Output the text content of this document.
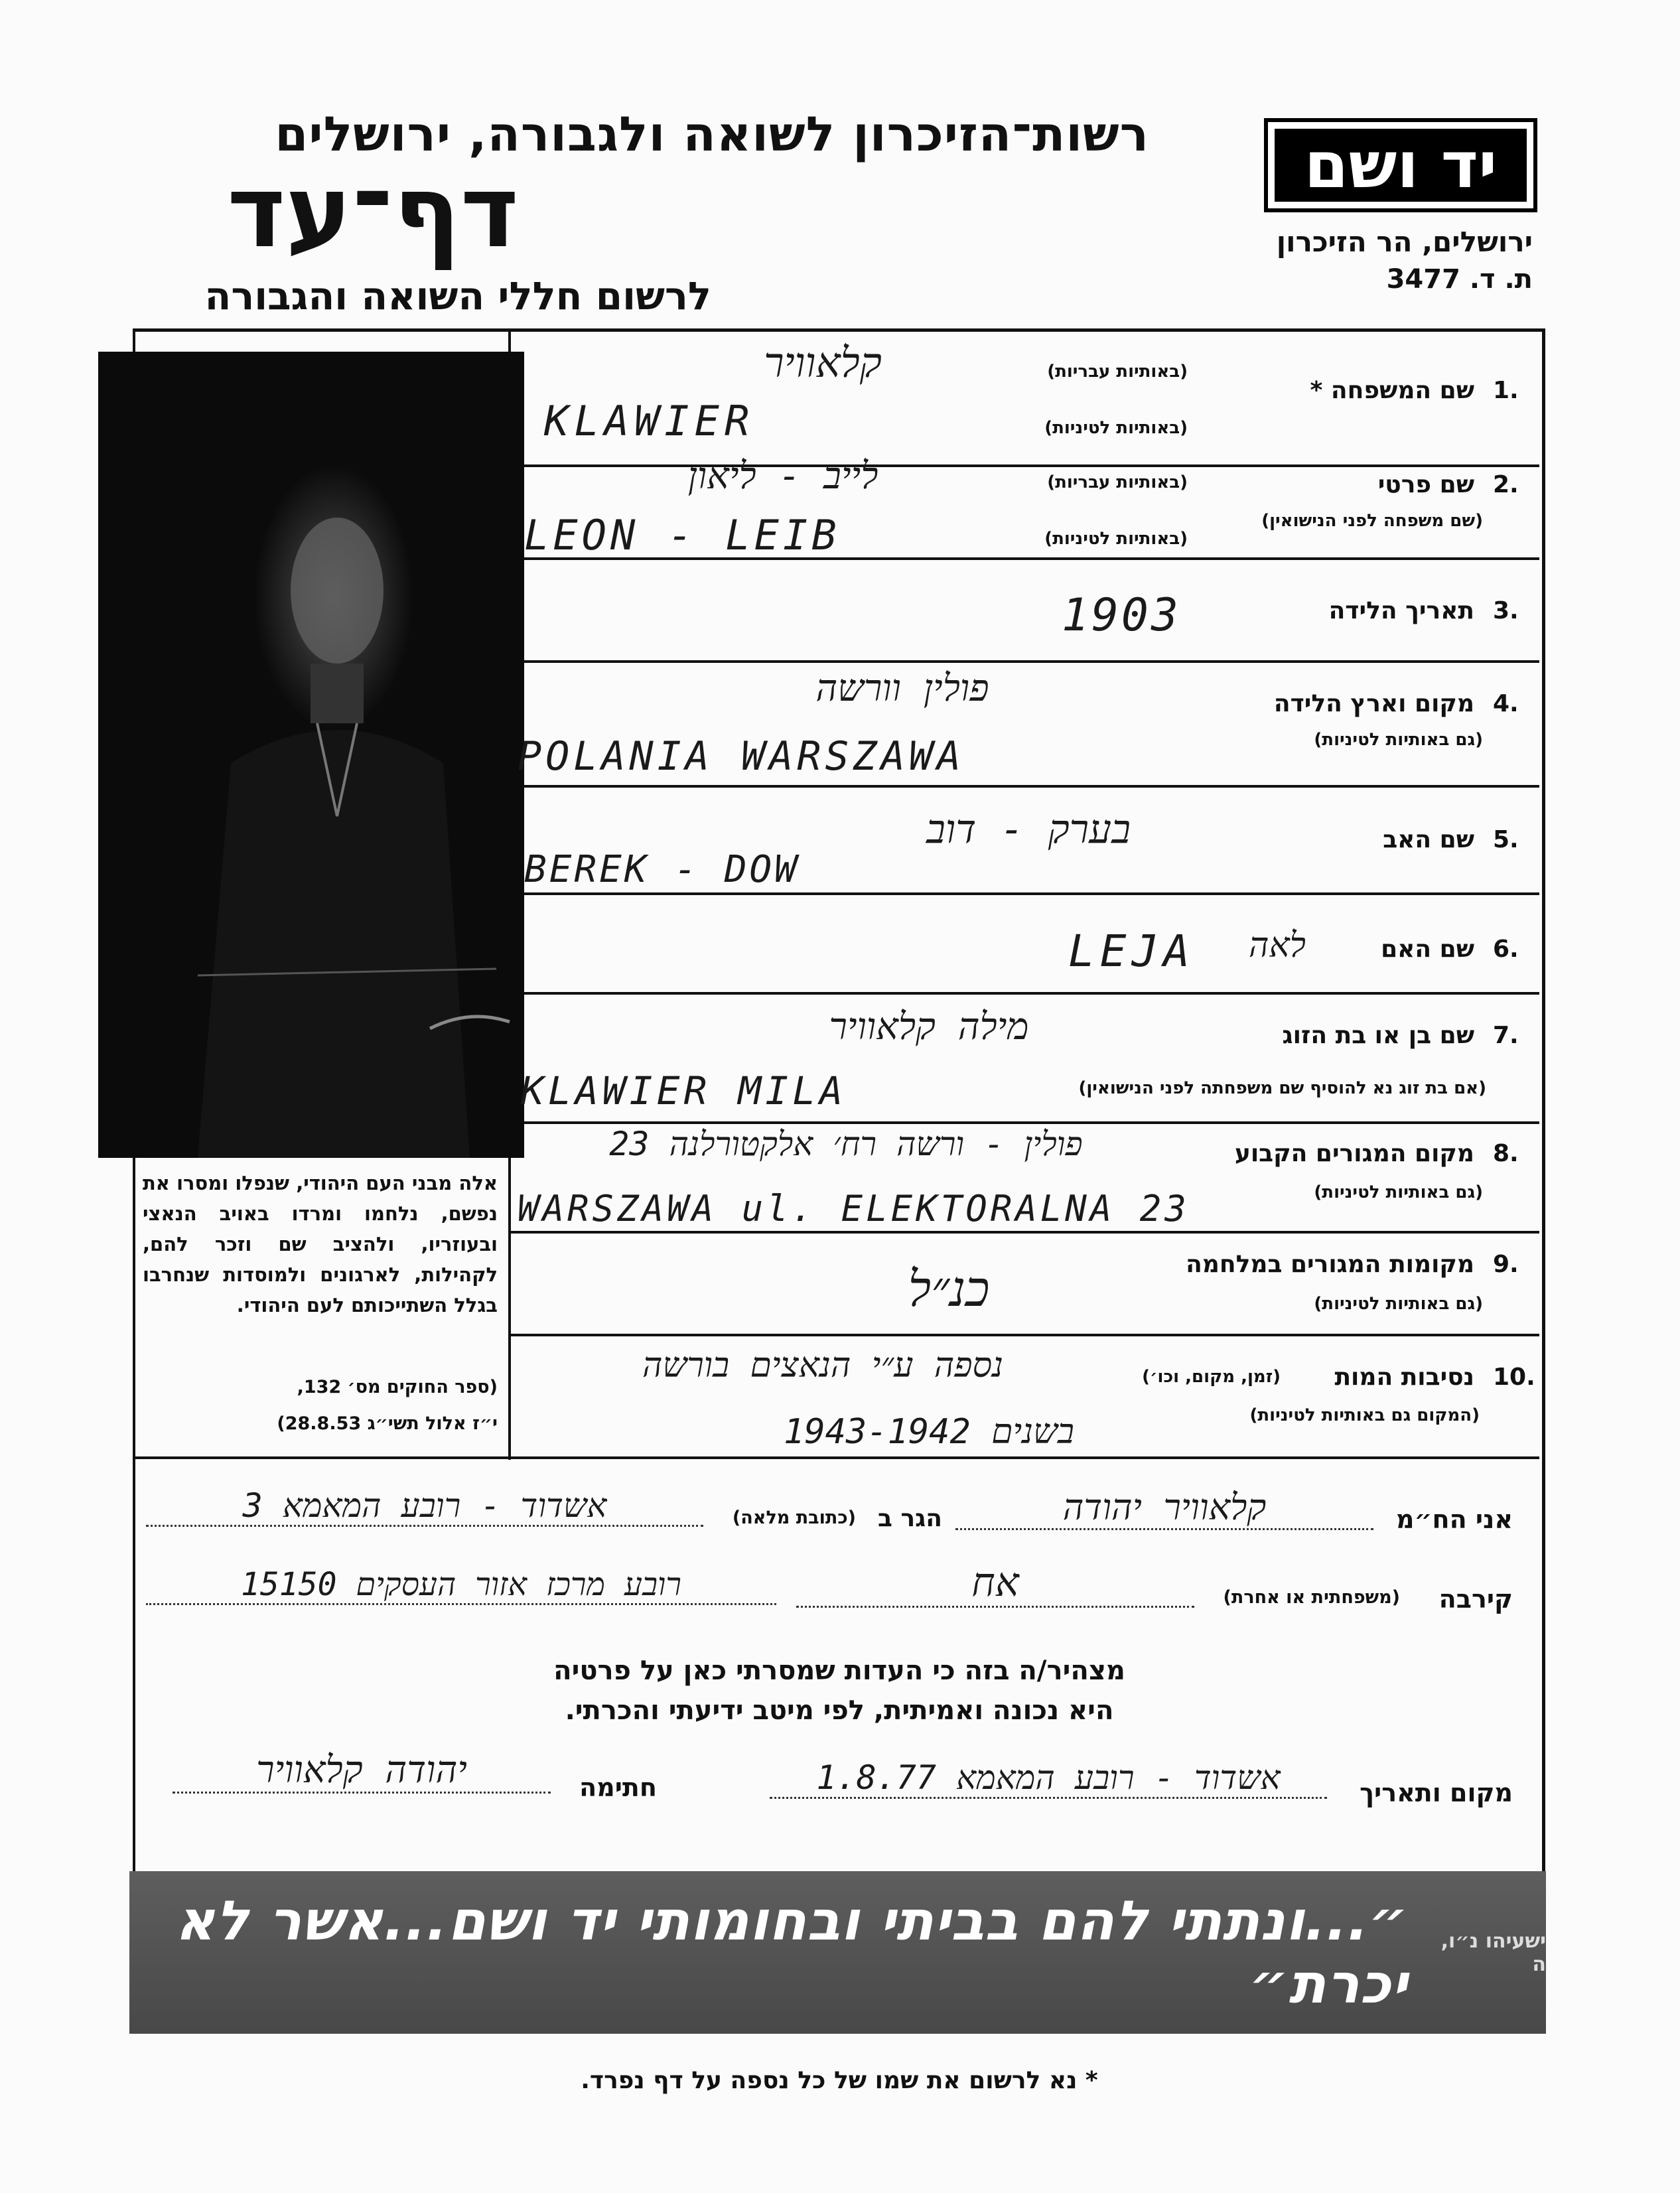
רשות־הזיכרון לשואה ולגבורה, ירושלים
דף־עד
לרשום חללי השואה והגבורה
יד ושם
ירושלים, הר הזיכרון
ת. ד. 3477
אלה מבני העם היהודי, שנפלו ומסרו את נפשם, נלחמו ומרדו באויב הנאצי ובעוזריו, ולהציב שם וזכר להם, לקהילות, לארגונים ולמוסדות שנחרבו בגלל השתייכותם לעם היהודי.
(ספר החוקים מס׳ 132,
י״ז אלול תשי״ג 28.8.53)
1.
שם המשפחה *
(באותיות עבריות)
(באותיות לטיניות)
קלאוויר
KLAWIER
2.
שם פרטי
(שם משפחה לפני הנישואין)
(באותיות עבריות)
(באותיות לטיניות)
לייב - ליאון
LEON - LEIB
3.
תאריך הלידה
1903
4.
מקום וארץ הלידה
(גם באותיות לטיניות)
פולין וורשה
POLANIA WARSZAWA
5.
שם האב
בערק - דוב
BEREK - DOW
6.
שם האם
לאה
LEJA
7.
שם בן או בת הזוג
(אם בת זוג נא להוסיף שם משפחתה לפני הנישואין)
מילה קלאוויר
KLAWIER MILA
8.
מקום המגורים הקבוע
(גם באותיות לטיניות)
פולין - ורשה רח׳ אלקטורלנה 23
WARSZAWA ul. ELEKTORALNA 23
9.
מקומות המגורים במלחמה
(גם באותיות לטיניות)
כנ״ל
10.
נסיבות המות
(זמן, מקום, וכו׳)
(המקום גם באותיות לטיניות)
נספה ע״י הנאצים בורשה
בשנים 1943-1942
אני הח״מ
קלאוויר יהודה
הגר ב
(כתובת מלאה)
אשדוד - רובע המאמא 3
קירבה
(משפחתית או אחרת)
אח
רובע מרכז אזור העסקים 15150
מצהיר/ה בזה כי העדות שמסרתי כאן על פרטיה
היא נכונה ואמיתית, לפי מיטב ידיעתי והכרתי.
מקום ותאריך
אשדוד - רובע המאמא 1.8.77
חתימה
יהודה קלאוויר
ישעיהו נ״ו, ה
״...ונתתי להם בביתי ובחומותי יד ושם...אשר לא יכרת״
* נא לרשום את שמו של כל נספה על דף נפרד.
